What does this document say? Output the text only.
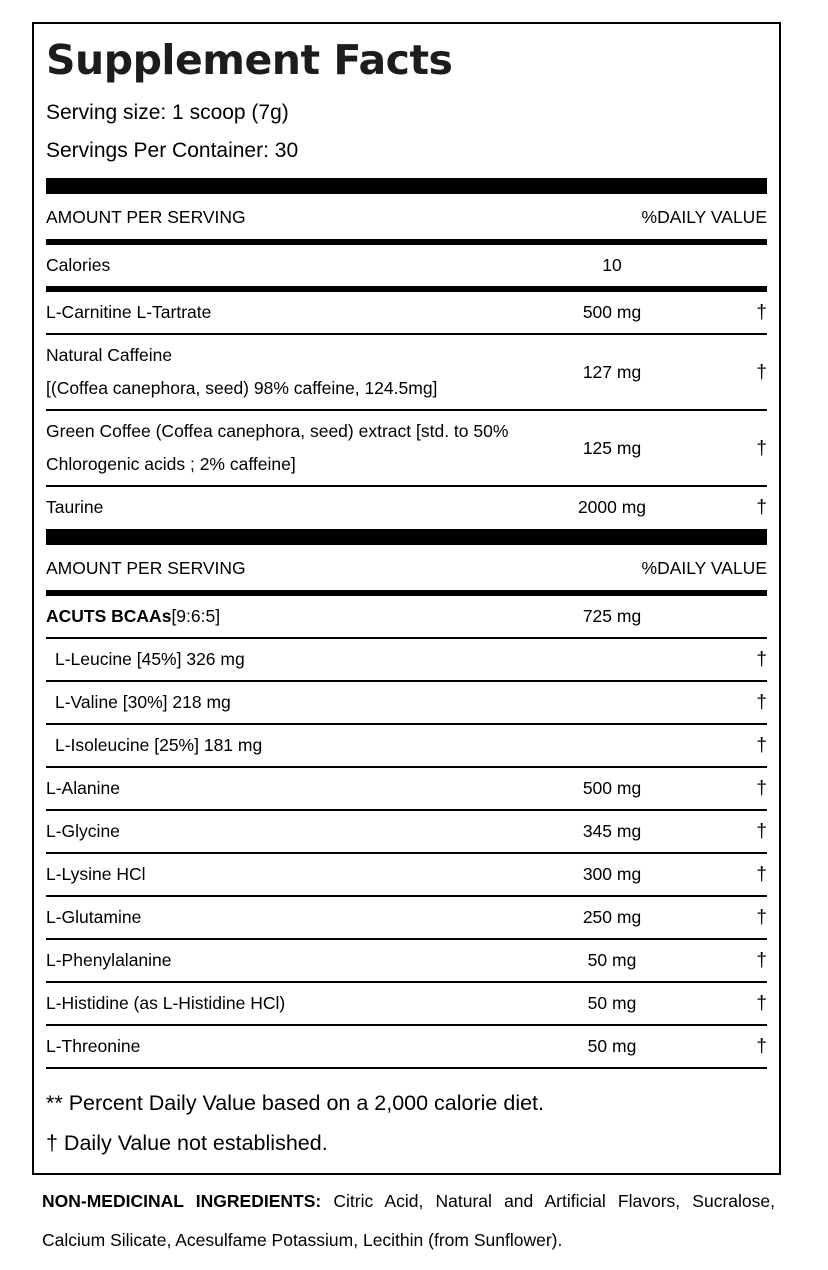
Supplement Facts
Serving size: 1 scoop (7g)
Servings Per Container: 30
AMOUNT PER SERVING	%DAILY VALUE
Calories	10
L-Carnitine L-Tartrate	500 mg	†
Natural Caffeine
[(Coffea canephora, seed) 98% caffeine, 124.5mg]
127 mg	†
Green Coffee (Coffea canephora, seed) extract [std. to 50%
Chlorogenic acids ; 2% caffeine]
125 mg	†
Taurine	2000 mg	†
AMOUNT PER SERVING	%DAILY VALUE
ACUTS BCAAs[9:6:5]	725 mg
L-Leucine [45%] 326 mg	†
L-Valine [30%] 218 mg	†
L-Isoleucine [25%] 181 mg	†
L-Alanine	500 mg	†
L-Glycine	345 mg	†
L-Lysine HCl	300 mg	†
L-Glutamine	250 mg	†
L-Phenylalanine	50 mg	†
L-Histidine (as L-Histidine HCl)	50 mg	†
L-Threonine	50 mg	†
** Percent Daily Value based on a 2,000 calorie diet.
† Daily Value not established.
NON-MEDICINAL INGREDIENTS: Citric Acid, Natural and Artificial Flavors, Sucralose, Calcium Silicate, Acesulfame Potassium, Lecithin (from Sunflower).
